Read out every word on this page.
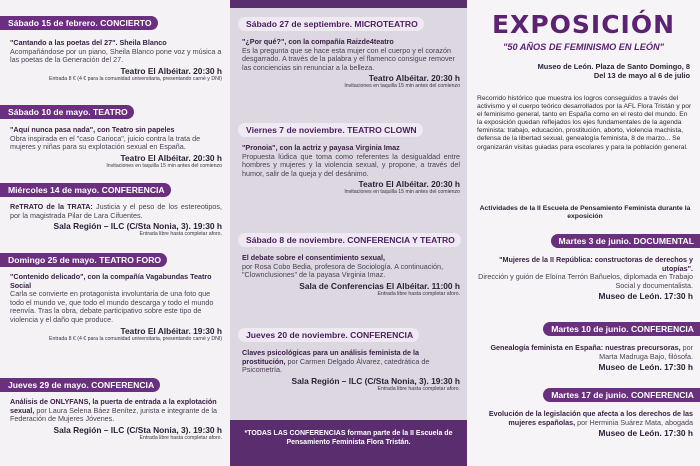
Sábado 15 de febrero. CONCIERTO
"Cantando a las poetas del 27". Sheila Blanco
Acompañándose por un piano, Sheila Blanco pone voz y música a las poetas de la Generación del 27.
Teatro El Albéitar. 20:30 h
Entrada 8 € (4 € para la comunidad universitaria, presentando carné y DNI)
Sábado 10 de mayo. TEATRO
"Aquí nunca pasa nada", con Teatro sin papeles
Obra inspirada en el "caso Carioca", juicio contra la trata de mujeres y niñas para su explotación sexual en España.
Teatro El Albéitar. 20:30 h
Invitaciones en taquilla 15 min antes del comienzo
Miércoles 14 de mayo. CONFERENCIA
ReTRATO de la TRATA: Justicia y el peso de los estereotipos, por la magistrada Pilar de Lara Cifuentes.
Sala Región – ILC (C/Sta Nonia, 3). 19:30 h
Entrada libre hasta completar aforo.
Domingo 25 de mayo. TEATRO FORO
"Contenido delicado", con la compañía Vagabundas Teatro Social
Carla se convierte en protagonista involuntaria de una foto que todo el mundo ve, que todo el mundo descarga y todo el mundo reenvía. Tras la obra, debate participativo sobre este tipo de violencia y el daño que produce.
Teatro El Albéitar. 19:30 h
Entrada 8 € (4 € para la comunidad universitaria, presentando carné y DNI)
Jueves 29 de mayo. CONFERENCIA
Análisis de ONLYFANS, la puerta de entrada a la explotación sexual, por Laura Selena Báez Benítez, jurista e integrante de la Federación de Mujeres Jóvenes.
Sala Región – ILC (C/Sta Nonia, 3). 19:30 h
Entrada libre hasta completar aforo.
Sábado 27 de septiembre. MICROTEATRO
"¿Por qué?", con la compañía Raizde4teatro
Es la pregunta que se hace esta mujer con el cuerpo y el corazón desgarrado. A través de la palabra y el flamenco consigue remover las conciencias sin renunciar a la belleza.
Teatro Albéitar. 20:30 h
Invitaciones en taquilla 15 min antes del comienzo
Viernes 7 de noviembre. TEATRO CLOWN
"Pronoia", con la actriz y payasa Virginia Imaz
Propuesta lúdica que toma como referentes la desigualdad entre hombres y mujeres y la violencia sexual, y propone, a través del humor, salir de la queja y del desánimo.
Teatro El Albéitar. 20:30 h
Invitaciones en taquilla 15 min antes del comienzo
Sábado 8 de noviembre. CONFERENCIA Y TEATRO
El debate sobre el consentimiento sexual,
por Rosa Cobo Bedia, profesora de Sociología. A continuación, "Clownclusiones" de la payasa Virginia Imaz.
Sala de Conferencias El Albéitar. 11:00 h
Entrada libre hasta completar aforo.
Jueves 20 de noviembre. CONFERENCIA
Claves psicológicas para un análisis feminista de la prostitución, por Carmen Delgado Álvarez, catedrática de Psicometría.
Sala Región – ILC (C/Sta Nonia, 3). 19:30 h
Entrada libre hasta completar aforo.
*TODAS LAS CONFERENCIAS forman parte de la II Escuela de Pensamiento Feminista Flora Tristán.
EXPOSICIÓN
"50 AÑOS DE FEMINISMO EN LEÓN"
Museo de León. Plaza de Santo Domingo, 8
Del 13 de mayo al 6 de julio
Recorrido histórico que muestra los logros conseguidos a través del activismo y el cuerpo teórico desarrollados por la AFL Flora Tristán y por el feminismo general, tanto en España como en el resto del mundo. En la exposición quedan reflejados los ejes fundamentales de la agenda feminista: trabajo, educación, prostitución, aborto, violencia machista, defensa de la libertad sexual, genealogía feminista, 8 de marzo... Se organizarán visitas guiadas para escolares y para la población general.
Actividades de la II Escuela de Pensamiento Feminista durante la exposición
Martes 3 de junio. DOCUMENTAL
"Mujeres de la II República: constructoras de derechos y utopías".
Dirección y guión de Eloína Terrón Bañuelos, diplomada en Trabajo Social y documentalista.
Museo de León. 17:30 h
Martes 10 de junio. CONFERENCIA
Genealogía feminista en España: nuestras precursoras, por Marta Madruga Bajo, filósofa.
Museo de León. 17:30 h
Martes 17 de junio. CONFERENCIA
Evolución de la legislación que afecta a los derechos de las mujeres españolas, por Herminia Suárez Mata, abogada
Museo de León. 17:30 h
